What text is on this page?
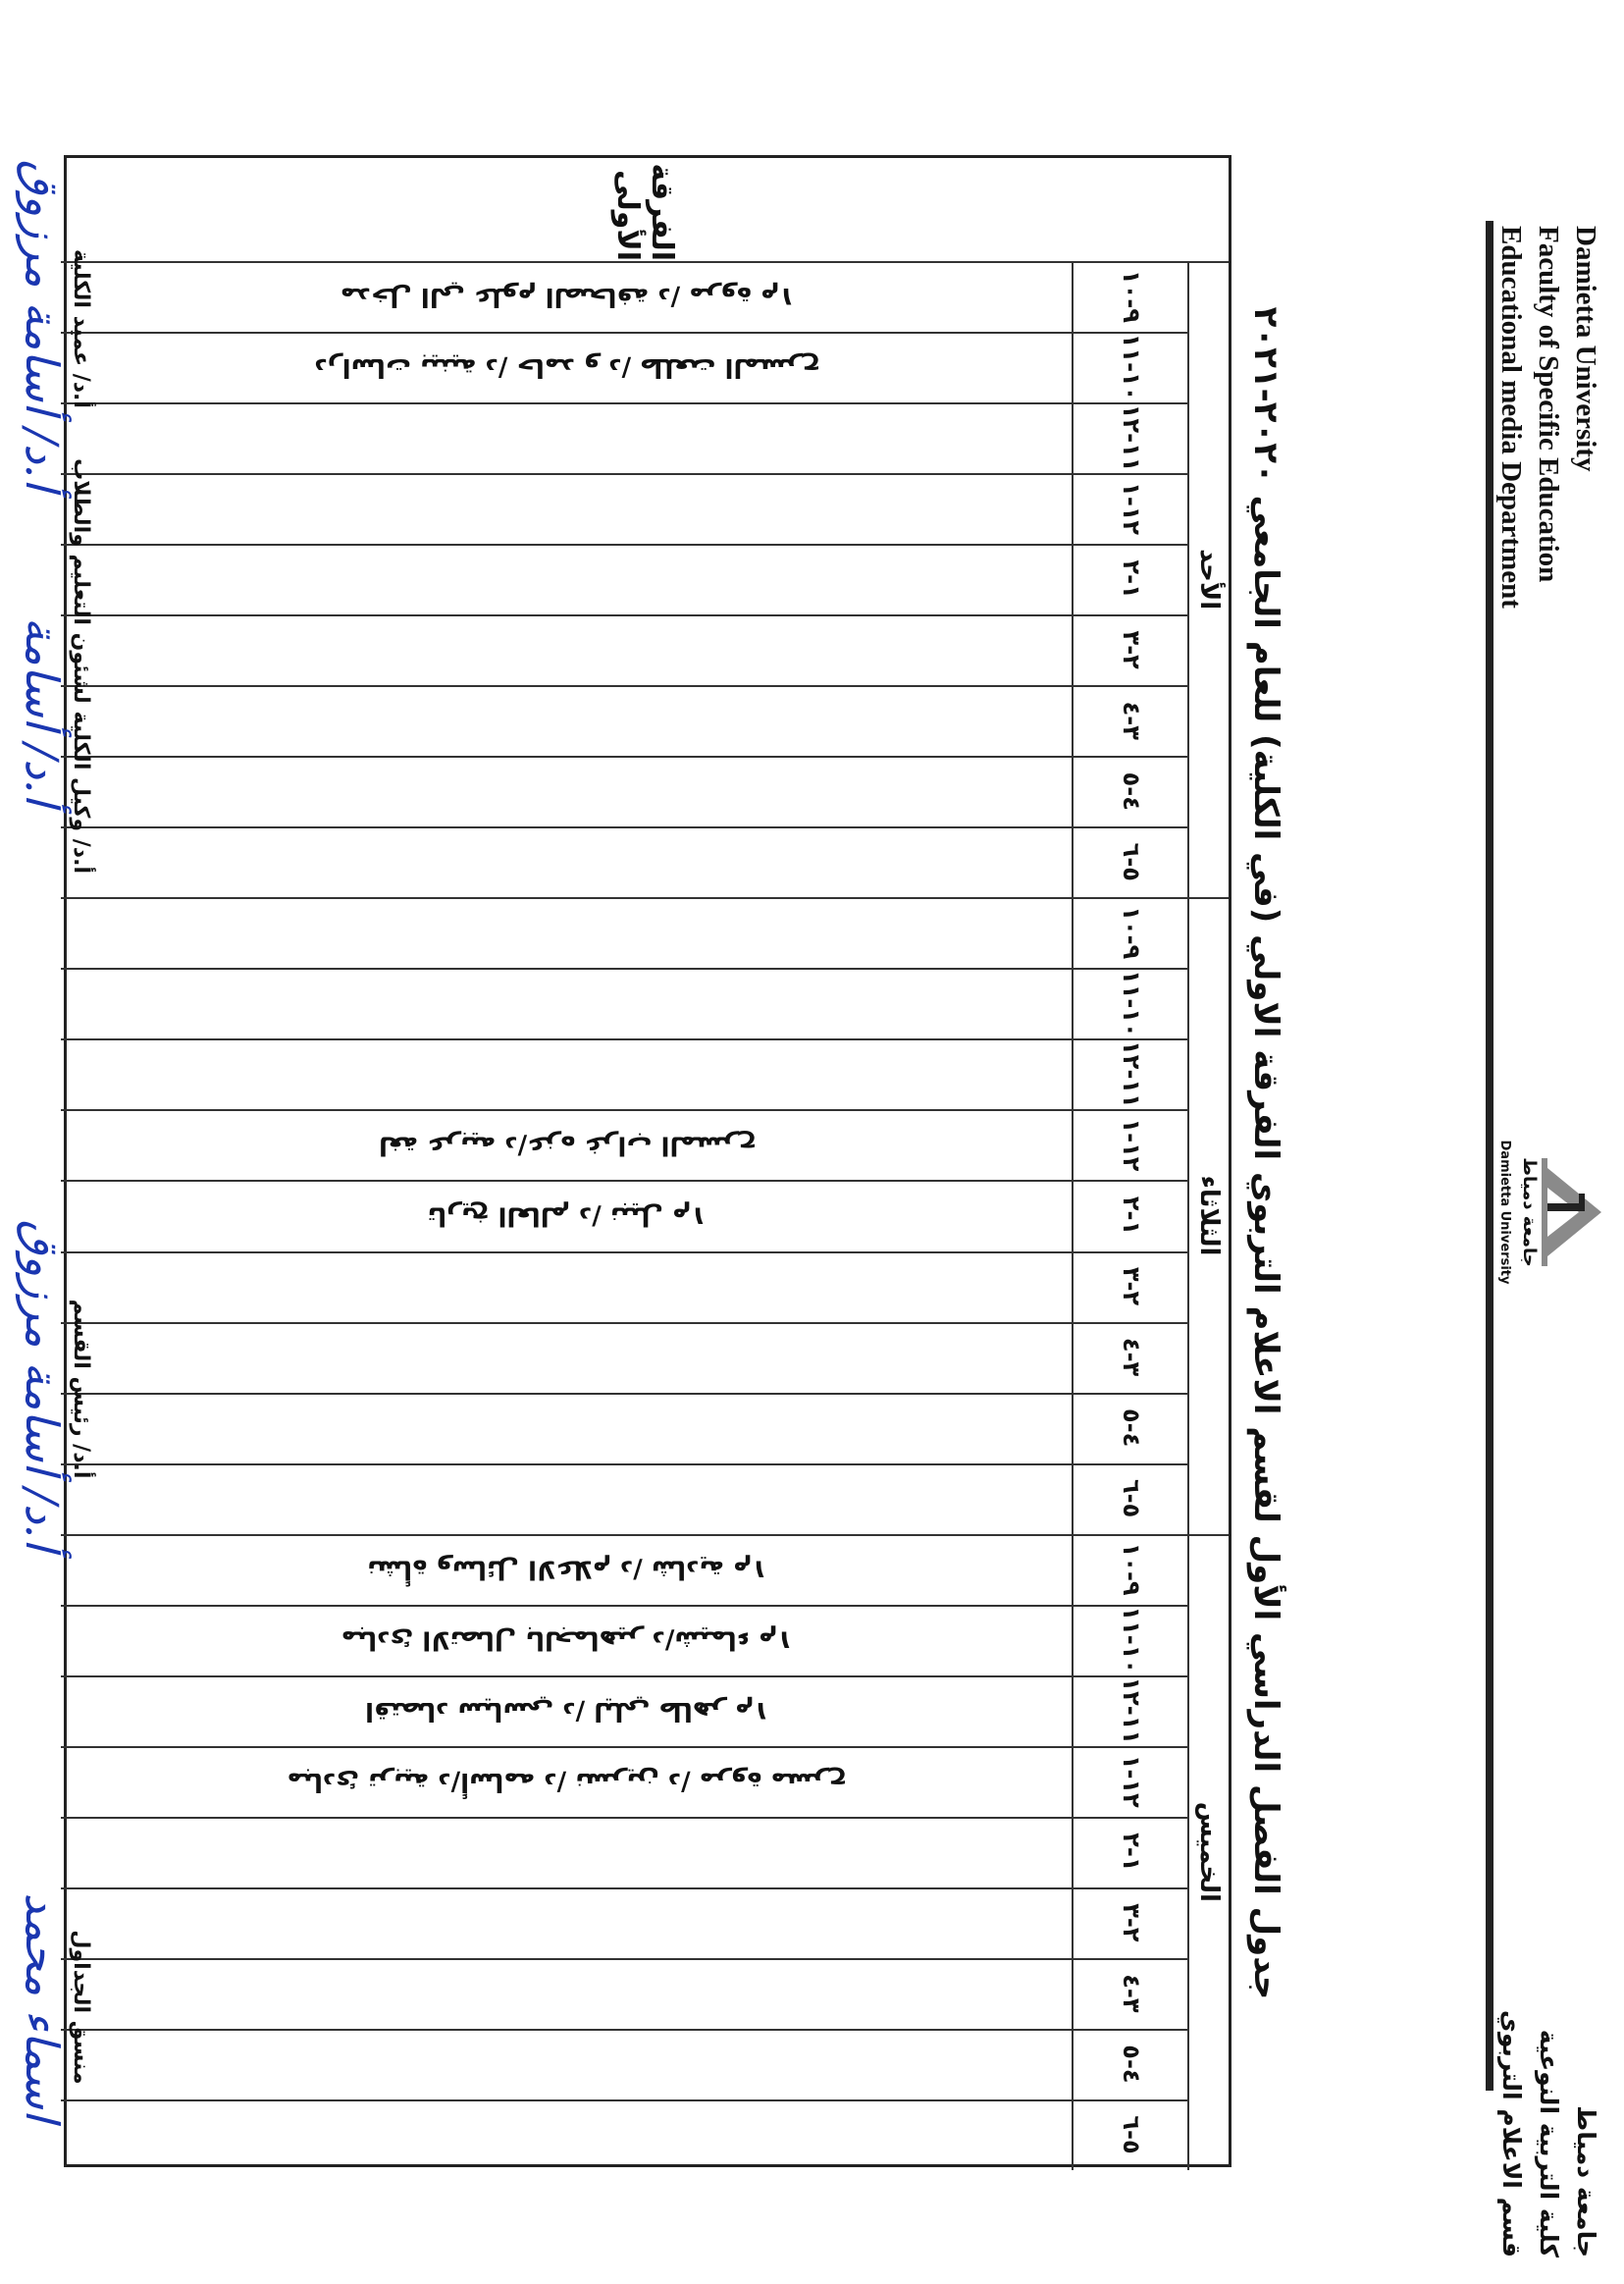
Damietta University
Faculty of Specific Education
Educational media Department
جامعة دمياط
كلية التربية النوعية
قسم الاعلام التربوي
جامعة دمياط
Damietta University
جدول الفصل الدراسي الأول لقسم الاعلام التربوي الفرقة الاولي (في الكلية) للعام الجامعي ٢٠٢٠-٢٠٢١
الفرقة الأولى
الأحد
٩-١٠
مدخل الي علوم الصحافة د/ مروة م١
١٠-١١
دراسات بينية د/ حامد و د/ طلعت المسرح
١١-١٢
١٢-١
١-٢
٢-٣
٣-٤
٤-٥
٥-٦
الثلاثاء
٩-١٠
١٠-١١
١١-١٢
١٢-١
لغة عربيه د/عزه غراب المسرح
١-٢
تاريخ العالم د/ نبيل م١
٢-٣
٣-٤
٤-٥
٥-٦
الخميس
٩-١٠
نشأة وسائل الاعلام د/ شادية م١
١٠-١١
مبادئ الاتصال بالجماهير د/شيماء م١
١١-١٢
اقتصاد سياسي د/ ليلي طاهر م١
١٢-١
مبادئ تربية د/أسامه د/ نسرين د/ مروة مسرح
١-٢
٢-٣
٣-٤
٤-٥
٥-٦
منسق الجداول
اسماء محمد
أ.د/ رئيس القسم
أ.د/ أسامة مرزوق
أ.د/ وكيل الكلية لشئون التعليم والطلاب
أ.د/ أسامة
أ.د/ عميد الكلية
أ.د/ أسامة مرزوق
